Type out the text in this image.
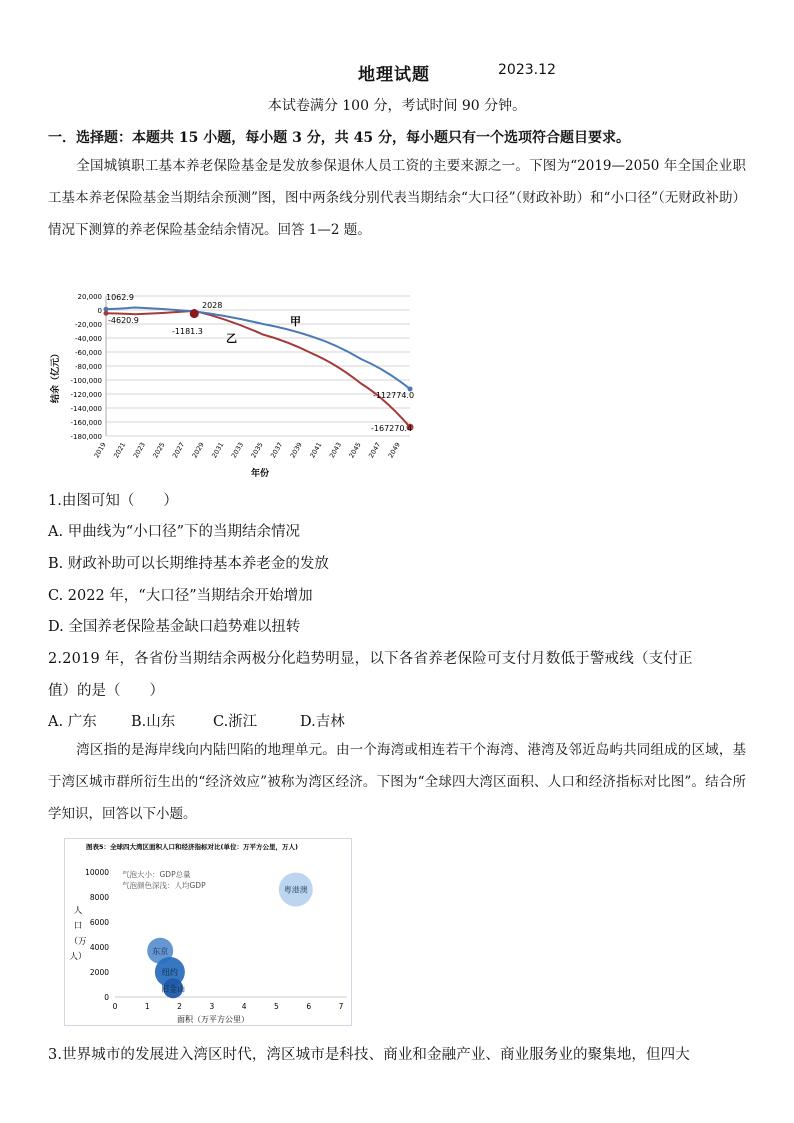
地理试题	2023.12
本试卷满分 100 分，考试时间 90 分钟。
一．选择题：本题共 15 小题，每小题 3 分，共 45 分，每小题只有一个选项符合题目要求。
全国城镇职工基本养老保险基金是发放参保退休人员工资的主要来源之一。下图为“2019—2050 年全国企业职工基本养老保险基金当期结余预测”图，图中两条线分别代表当期结余“大口径”（财政补助）和“小口径”（无财政补助）情况下测算的养老保险基金结余情况。回答 1—2 题。
20,000
0
-20,000
-40,000
-60,000
-80,000
-100,000
-120,000
-140,000
-160,000
-180,000
2019 2021 2023 2025 2027 2029 2031 2033 2035 2037 2039 2041 2043 2045 2047 2049
结余（亿元）
年份
1062.9
-4620.9
2028
-1181.3
-112774.0
-167270.4
甲
乙
1.由图可知（　　）
A. 甲曲线为“小口径”下的当期结余情况
B. 财政补助可以长期维持基本养老金的发放
C. 2022 年，“大口径”当期结余开始增加
D. 全国养老保险基金缺口趋势难以扭转
2.2019 年，各省份当期结余两极分化趋势明显，以下各省养老保险可支付月数低于警戒线（支付正
值）的是（　　）
A. 广东 B.山东	C.浙江	D.吉林
湾区指的是海岸线向内陆凹陷的地理单元。由一个海湾或相连若干个海湾、港湾及邻近岛屿共同组成的区域，基于湾区城市群所衍生出的“经济效应”被称为湾区经济。下图为“全球四大湾区面积、人口和经济指标对比图”。结合所学知识，回答以下小题。
图表5：全球四大湾区面积人口和经济指标对比(单位：万平方公里，万人)
10000
8000
6000
4000
2000
0
0	1	2	3	4	5	6	7
人
口
（万
人）
面积（万平方公里）
气泡大小：GDP总量
气泡颜色深浅：人均GDP	粤港澳
东京
纽约
旧金山
3.世界城市的发展进入湾区时代，湾区城市是科技、商业和金融产业、商业服务业的聚集地，但四大
